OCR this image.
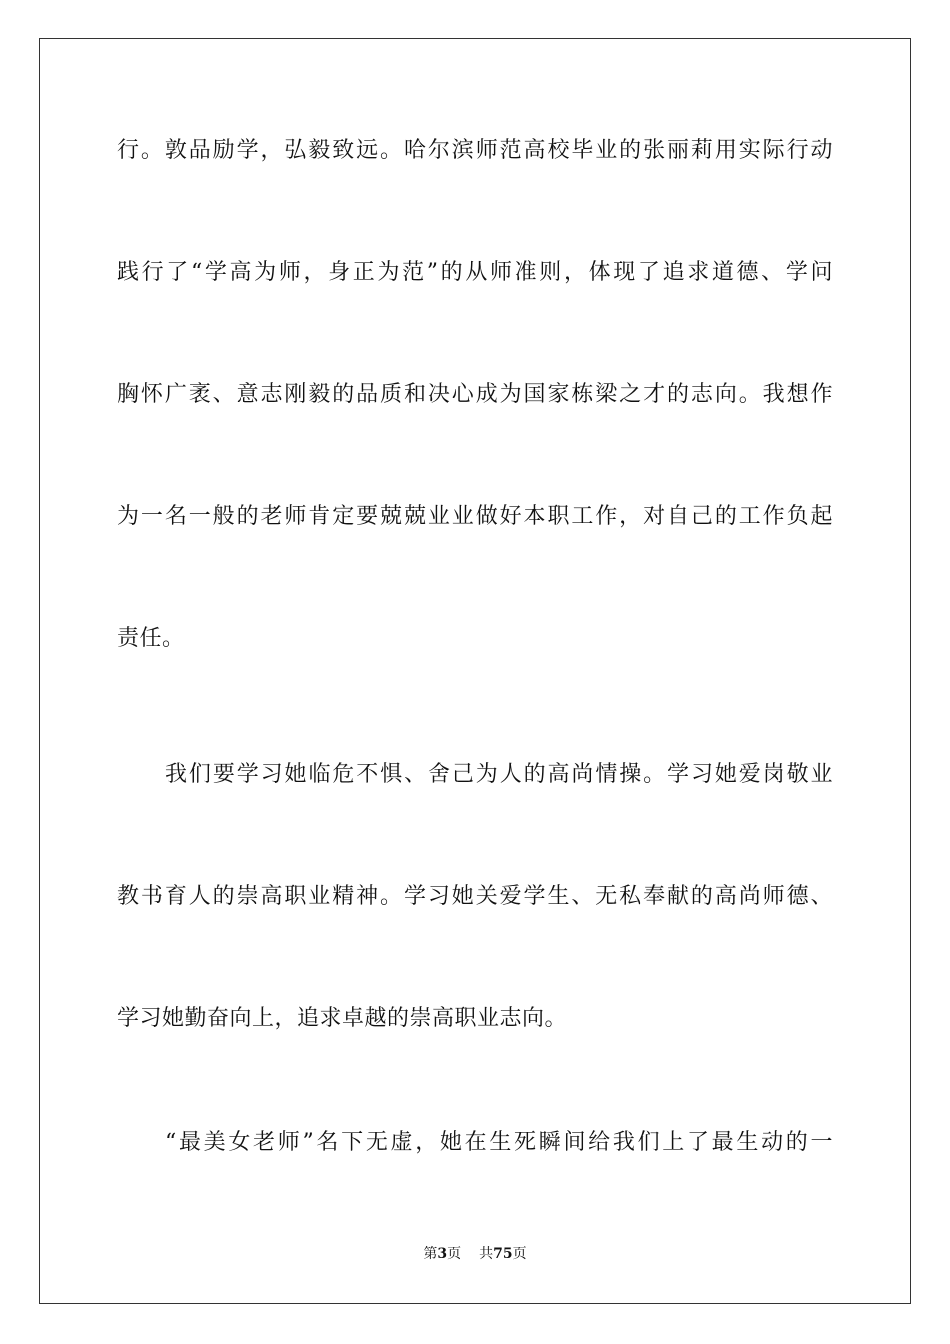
行。敦品励学，弘毅致远。哈尔滨师范高校毕业的张丽莉用实际行动
践行了“学高为师，身正为范”的从师准则，体现了追求道德、学问
胸怀广袤、意志刚毅的品质和决心成为国家栋梁之才的志向。我想作
为一名一般的老师肯定要兢兢业业做好本职工作，对自己的工作负起
责任。
我们要学习她临危不惧、舍己为人的高尚情操。学习她爱岗敬业
教书育人的崇高职业精神。学习她关爱学生、无私奉献的高尚师德、
学习她勤奋向上，追求卓越的崇高职业志向。
“最美女老师”名下无虚，她在生死瞬间给我们上了最生动的一
第3页 共75页
